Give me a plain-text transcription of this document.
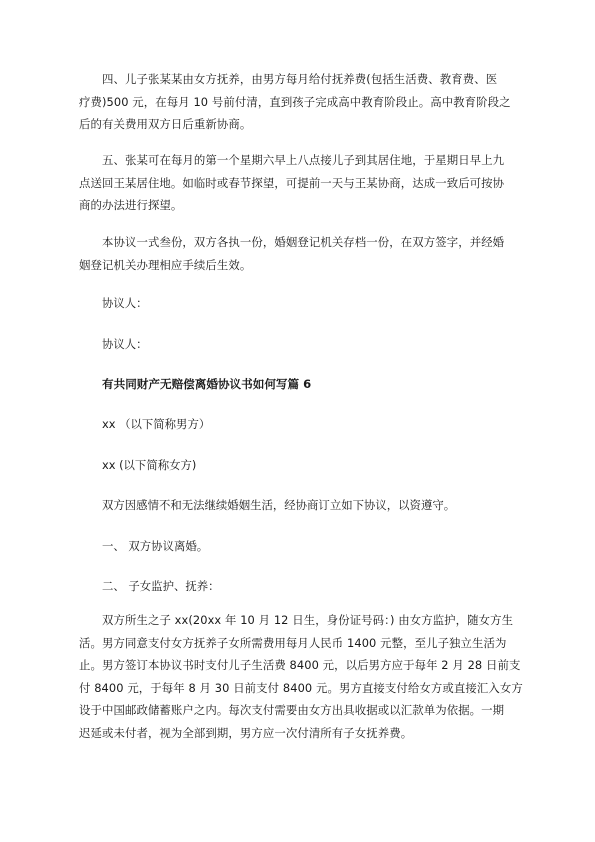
四、儿子张某某由女方抚养，由男方每月给付抚养费(包括生活费、教育费、医
疗费)500 元，在每月 10 号前付清，直到孩子完成高中教育阶段止。高中教育阶段之
后的有关费用双方日后重新协商。
五、张某可在每月的第一个星期六早上八点接儿子到其居住地，于星期日早上九
点送回王某居住地。如临时或春节探望，可提前一天与王某协商，达成一致后可按协
商的办法进行探望。
本协议一式叁份，双方各执一份，婚姻登记机关存档一份，在双方签字，并经婚
姻登记机关办理相应手续后生效。

协议人：

协议人：

有共同财产无赔偿离婚协议书如何写篇 6

xx （以下简称男方）

xx (以下简称女方)

双方因感情不和无法继续婚姻生活，经协商订立如下协议，以资遵守。

一、 双方协议离婚。

二、 子女监护、抚养：

双方所生之子 xx(20xx 年 10 月 12 日生，身份证号码：) 由女方监护，随女方生
活。男方同意支付女方抚养子女所需费用每月人民币 1400 元整，至儿子独立生活为
止。男方签订本协议书时支付儿子生活费 8400 元，以后男方应于每年 2 月 28 日前支
付 8400 元，于每年 8 月 30 日前支付 8400 元。男方直接支付给女方或直接汇入女方
设于中国邮政储蓄账户之内。每次支付需要由女方出具收据或以汇款单为依据。一期
迟延或未付者，视为全部到期，男方应一次付清所有子女抚养费。
